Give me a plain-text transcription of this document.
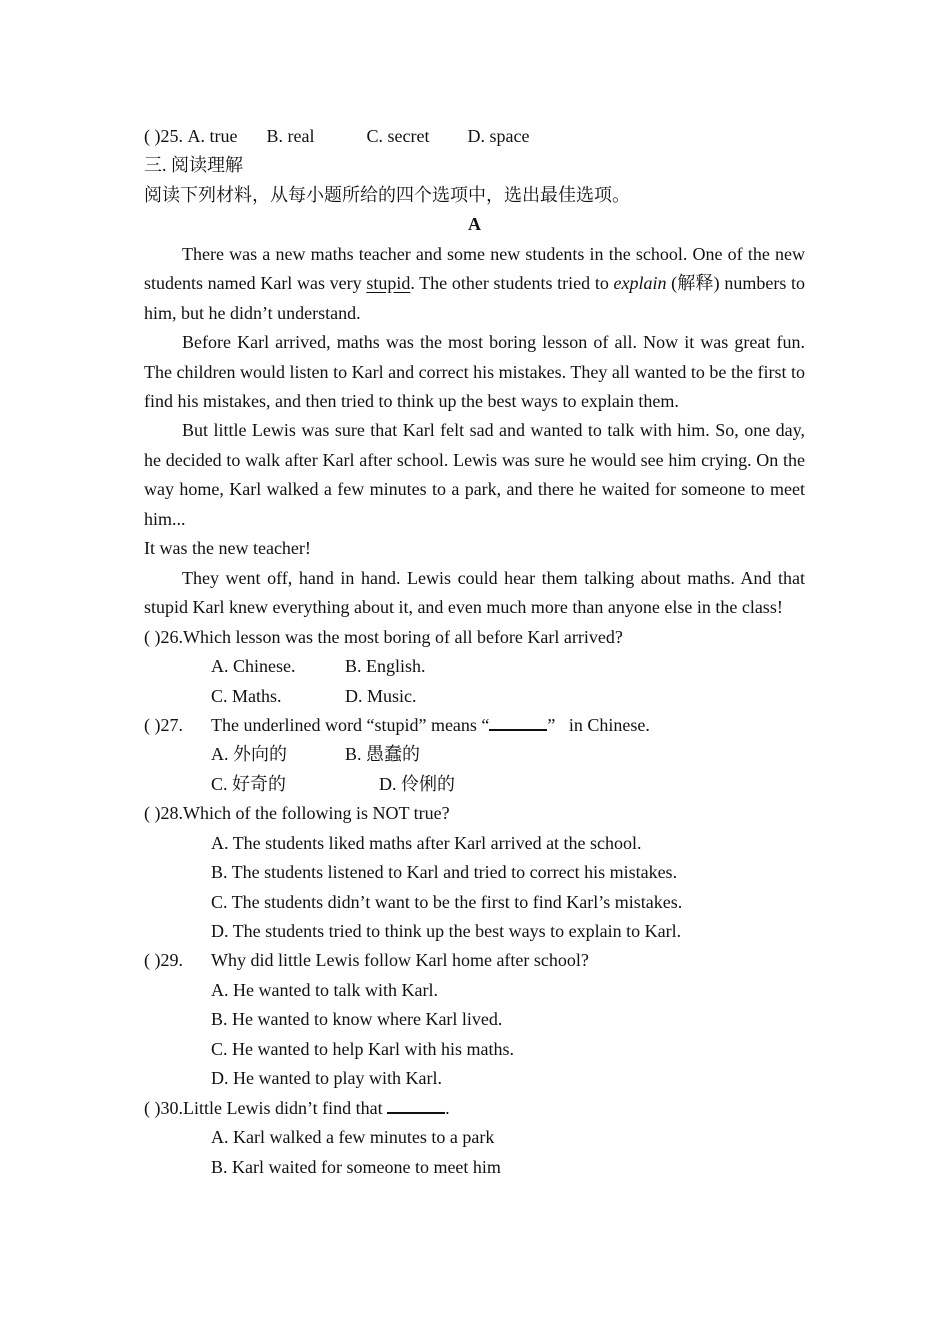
( )25. A. true B. real	C. secret D. space
三. 阅读理解
阅读下列材料，从每小题所给的四个选项中，选出最佳选项。
A
There was a new maths teacher and some new students in the school. One of the new students named Karl was very stupid. The other students tried to explain (解释) numbers to him, but he didn’t understand.
Before Karl arrived, maths was the most boring lesson of all. Now it was great fun. The children would listen to Karl and correct his mistakes. They all wanted to be the first to find his mistakes, and then tried to think up the best ways to explain them.
But little Lewis was sure that Karl felt sad and wanted to talk with him. So, one day, he decided to walk after Karl after school. Lewis was sure he would see him crying. On the way home, Karl walked a few minutes to a park, and there he waited for someone to meet him...
It was the new teacher!
They went off, hand in hand. Lewis could hear them talking about maths. And that stupid Karl knew everything about it, and even much more than anyone else in the class!
( )26.Which lesson was the most boring of all before Karl arrived?
A. Chinese.	B. English.
C. Maths.	D. Music.
( )27. The underlined word “stupid” means “	”   in Chinese.
A. 外向的	B. 愚蠢的
C. 好奇的	D. 伶俐的
( )28.Which of the following is NOT true?
A. The students liked maths after Karl arrived at the school.
B. The students listened to Karl and tried to correct his mistakes.
C. The students didn’t want to be the first to find Karl’s mistakes.
D. The students tried to think up the best ways to explain to Karl.
( )29. Why did little Lewis follow Karl home after school?
A. He wanted to talk with Karl.
B. He wanted to know where Karl lived.
C. He wanted to help Karl with his maths.
D. He wanted to play with Karl.
( )30.Little Lewis didn’t find that	.
A. Karl walked a few minutes to a park
B. Karl waited for someone to meet him
